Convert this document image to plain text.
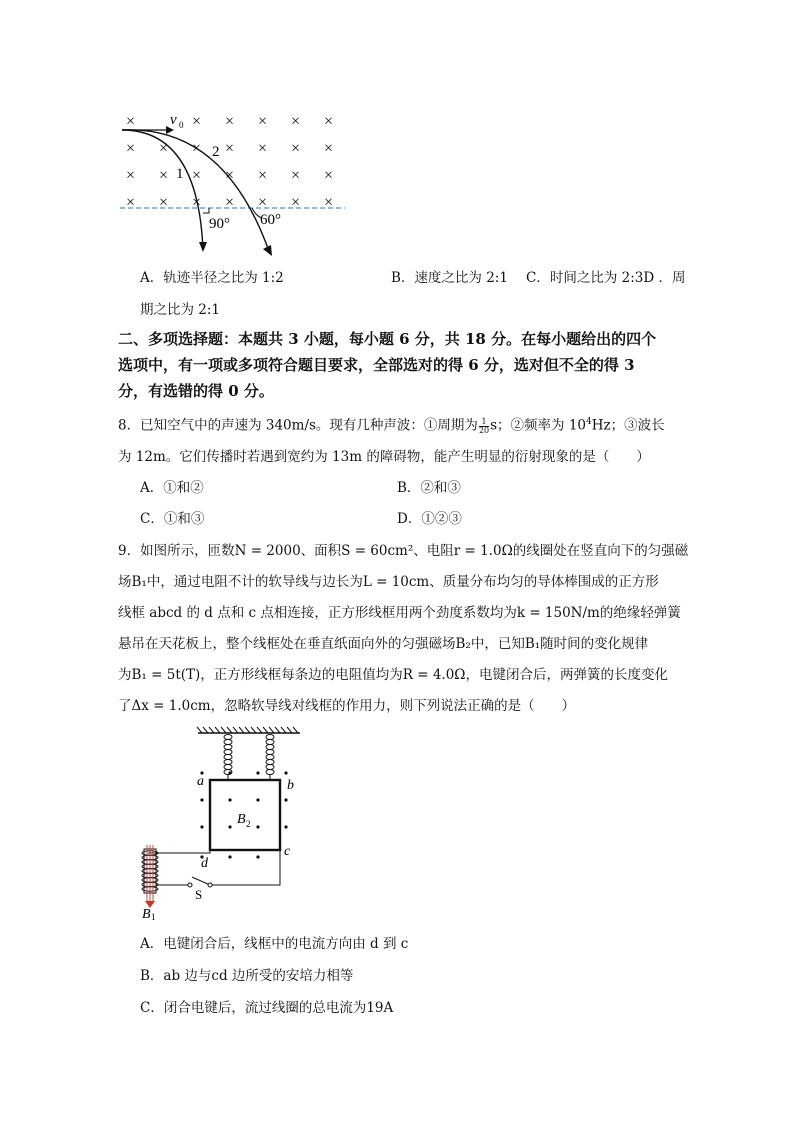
×	× × × × ×
× × × × × × ×
× × × × × × ×
× × × × × × ×
v 0
1
2
90° 60°
A．轨迹半径之比为 1:2	B．速度之比为 2:1 C．时间之比为 2:3D ．周
期之比为 2:1
二、多项选择题：本题共 3 小题，每小题 6 分，共 18 分。在每小题给出的四个
选项中，有一项或多项符合题目要求，全部选对的得 6 分，选对但不全的得 3
分，有选错的得 0 分。
8．已知空气中的声速为 340m/s。现有几种声波：①周期为 $\frac{1}{20}$ s；②频率为 $10^4Hz$；③波长
为 12m。它们传播时若遇到宽约为 13m 的障碍物，能产生明显的衍射现象的是（　　）
A．①和②	B．②和③
C．①和③	D．①②③
9．如图所示，匝数N = 2000、面积S = 60cm²、电阻r = 1.0Ω的线圈处在竖直向下的匀强磁
场B₁中，通过电阻不计的软导线与边长为L = 10cm、质量分布均匀的导体棒围成的正方形
线框 abcd 的 d 点和 c 点相连接，正方形线框用两个劲度系数均为k = 150N/m的绝缘轻弹簧
悬吊在天花板上，整个线框处在垂直纸面向外的匀强磁场B₂中，已知B₁随时间的变化规律
为B₁ = 5t(T)，正方形线框每条边的电阻值均为R = 4.0Ω，电键闭合后，两弹簧的长度变化
了Δx = 1.0cm，忽略软导线对线框的作用力，则下列说法正确的是（　　）
a	b
c
d
B 2
S
B 1
A．电键闭合后，线框中的电流方向由 d 到 c
B．ab 边与cd 边所受的安培力相等
C．闭合电键后，流过线圈的总电流为19A
